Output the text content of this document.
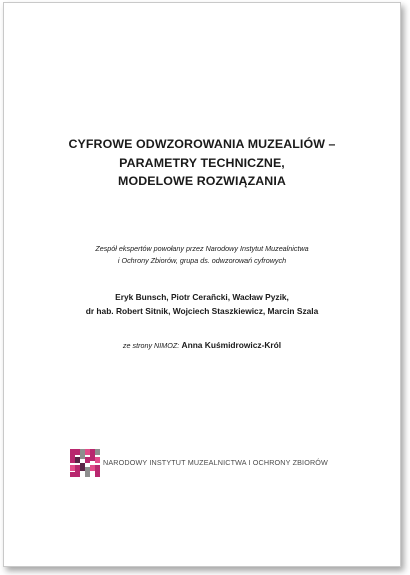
CYFROWE ODWZOROWANIA MUZEALIÓW –
PARAMETRY TECHNICZNE,
MODELOWE ROZWIĄZANIA

Zespół ekspertów powołany przez Narodowy Instytut Muzealnictwa
i Ochrony Zbiorów, grupa ds. odwzorowań cyfrowych

Eryk Bunsch, Piotr Cerañcki, Wacław Pyzik,
dr hab. Robert Sitnik, Wojciech Staszkiewicz, Marcin Szala

ze strony NIMOZ: Anna Kuśmidrowicz-Król
NARODOWY INSTYTUT MUZEALNICTWA I OCHRONY ZBIORÓW
